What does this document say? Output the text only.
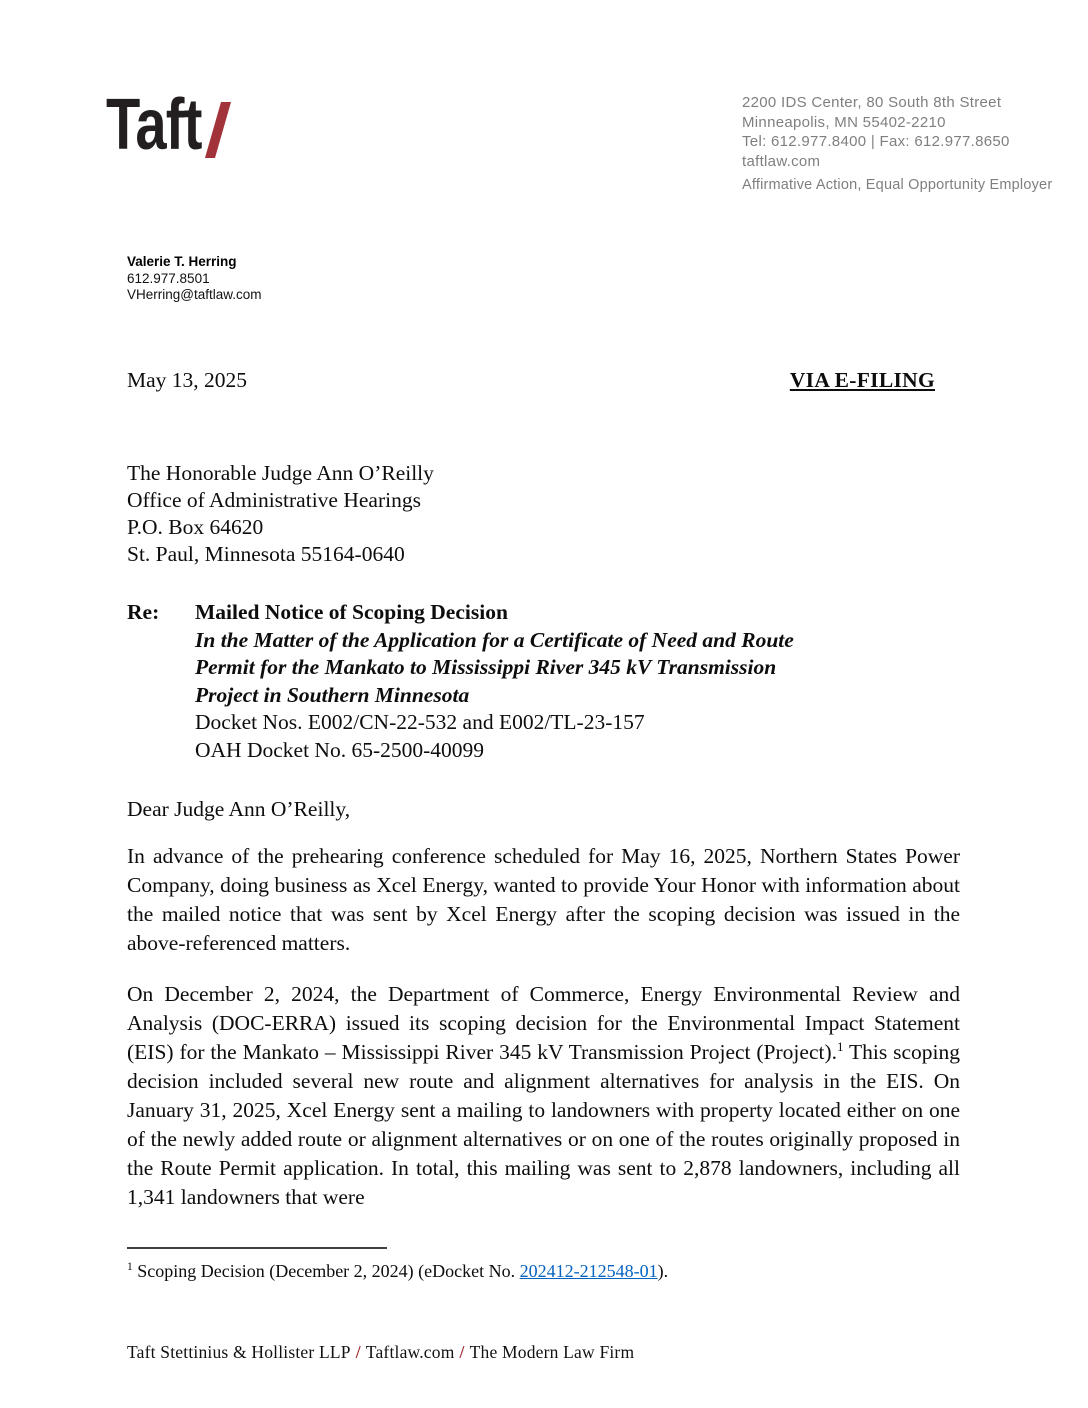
Taft	2200 IDS Center, 80 South 8th Street
Minneapolis, MN 55402-2210
Tel: 612.977.8400 | Fax: 612.977.8650
taftlaw.com
Affirmative Action, Equal Opportunity Employer
Valerie T. Herring
612.977.8501
VHerring@taftlaw.com
May 13, 2025	VIA E-FILING
The Honorable Judge Ann O’Reilly
Office of Administrative Hearings
P.O. Box 64620
St. Paul, Minnesota 55164-0640
Re:	Mailed Notice of Scoping Decision
In the Matter of the Application for a Certificate of Need and Route
Permit for the Mankato to Mississippi River 345 kV Transmission
Project in Southern Minnesota
Docket Nos. E002/CN-22-532 and E002/TL-23-157
OAH Docket No. 65-2500-40099
Dear Judge Ann O’Reilly,
In advance of the prehearing conference scheduled for May 16, 2025, Northern States Power Company, doing business as Xcel Energy, wanted to provide Your Honor with information about the mailed notice that was sent by Xcel Energy after the scoping decision was issued in the above-referenced matters.
On December 2, 2024, the Department of Commerce, Energy Environmental Review and Analysis (DOC-ERRA) issued its scoping decision for the Environmental Impact Statement (EIS) for the Mankato – Mississippi River 345 kV Transmission Project (Project).$^1$ This scoping decision included several new route and alignment alternatives for analysis in the EIS. On January 31, 2025, Xcel Energy sent a mailing to landowners with property located either on one of the newly added route or alignment alternatives or on one of the routes originally proposed in the Route Permit application. In total, this mailing was sent to 2,878 landowners, including all 1,341 landowners that were
$^1$ Scoping Decision (December 2, 2024) (eDocket No. 202412-212548-01).
Taft Stettinius & Hollister LLP / Taftlaw.com / The Modern Law Firm
